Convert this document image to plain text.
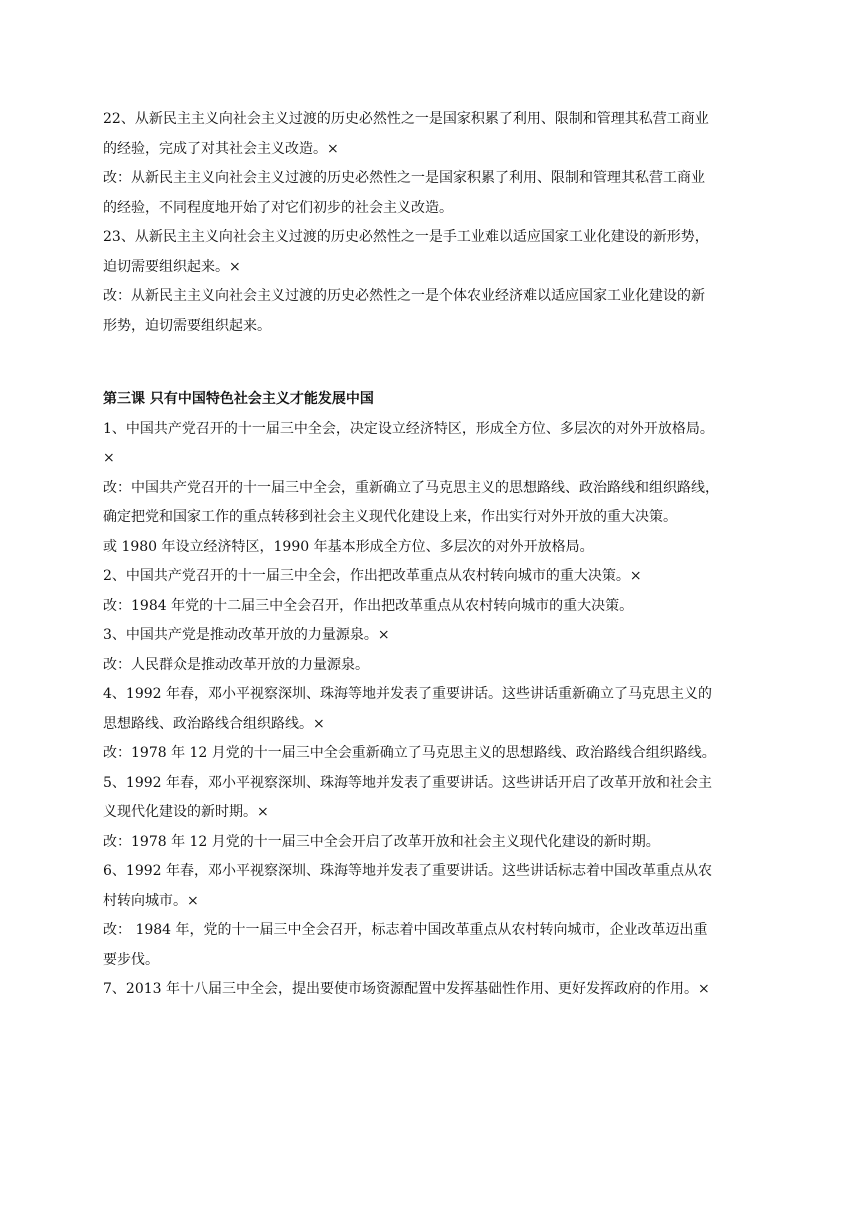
22、从新民主主义向社会主义过渡的历史必然性之一是国家积累了利用、限制和管理其私营工商业
的经验，完成了对其社会主义改造。×
改：从新民主主义向社会主义过渡的历史必然性之一是国家积累了利用、限制和管理其私营工商业
的经验，不同程度地开始了对它们初步的社会主义改造。
23、从新民主主义向社会主义过渡的历史必然性之一是手工业难以适应国家工业化建设的新形势，
迫切需要组织起来。×
改：从新民主主义向社会主义过渡的历史必然性之一是个体农业经济难以适应国家工业化建设的新
形势，迫切需要组织起来。
第三课 只有中国特色社会主义才能发展中国
1、中国共产党召开的十一届三中全会，决定设立经济特区，形成全方位、多层次的对外开放格局。
×
改：中国共产党召开的十一届三中全会，重新确立了马克思主义的思想路线、政治路线和组织路线，
确定把党和国家工作的重点转移到社会主义现代化建设上来，作出实行对外开放的重大决策。
或 1980 年设立经济特区，1990 年基本形成全方位、多层次的对外开放格局。
2、中国共产党召开的十一届三中全会，作出把改革重点从农村转向城市的重大决策。×
改：1984 年党的十二届三中全会召开，作出把改革重点从农村转向城市的重大决策。
3、中国共产党是推动改革开放的力量源泉。×
改：人民群众是推动改革开放的力量源泉。
4、1992 年春，邓小平视察深圳、珠海等地并发表了重要讲话。这些讲话重新确立了马克思主义的
思想路线、政治路线合组织路线。×
改：1978 年 12 月党的十一届三中全会重新确立了马克思主义的思想路线、政治路线合组织路线。
5、1992 年春，邓小平视察深圳、珠海等地并发表了重要讲话。这些讲话开启了改革开放和社会主
义现代化建设的新时期。×
改：1978 年 12 月党的十一届三中全会开启了改革开放和社会主义现代化建设的新时期。
6、1992 年春，邓小平视察深圳、珠海等地并发表了重要讲话。这些讲话标志着中国改革重点从农
村转向城市。×
改： 1984 年，党的十一届三中全会召开，标志着中国改革重点从农村转向城市，企业改革迈出重
要步伐。
7、2013 年十八届三中全会，提出要使市场资源配置中发挥基础性作用、更好发挥政府的作用。×
